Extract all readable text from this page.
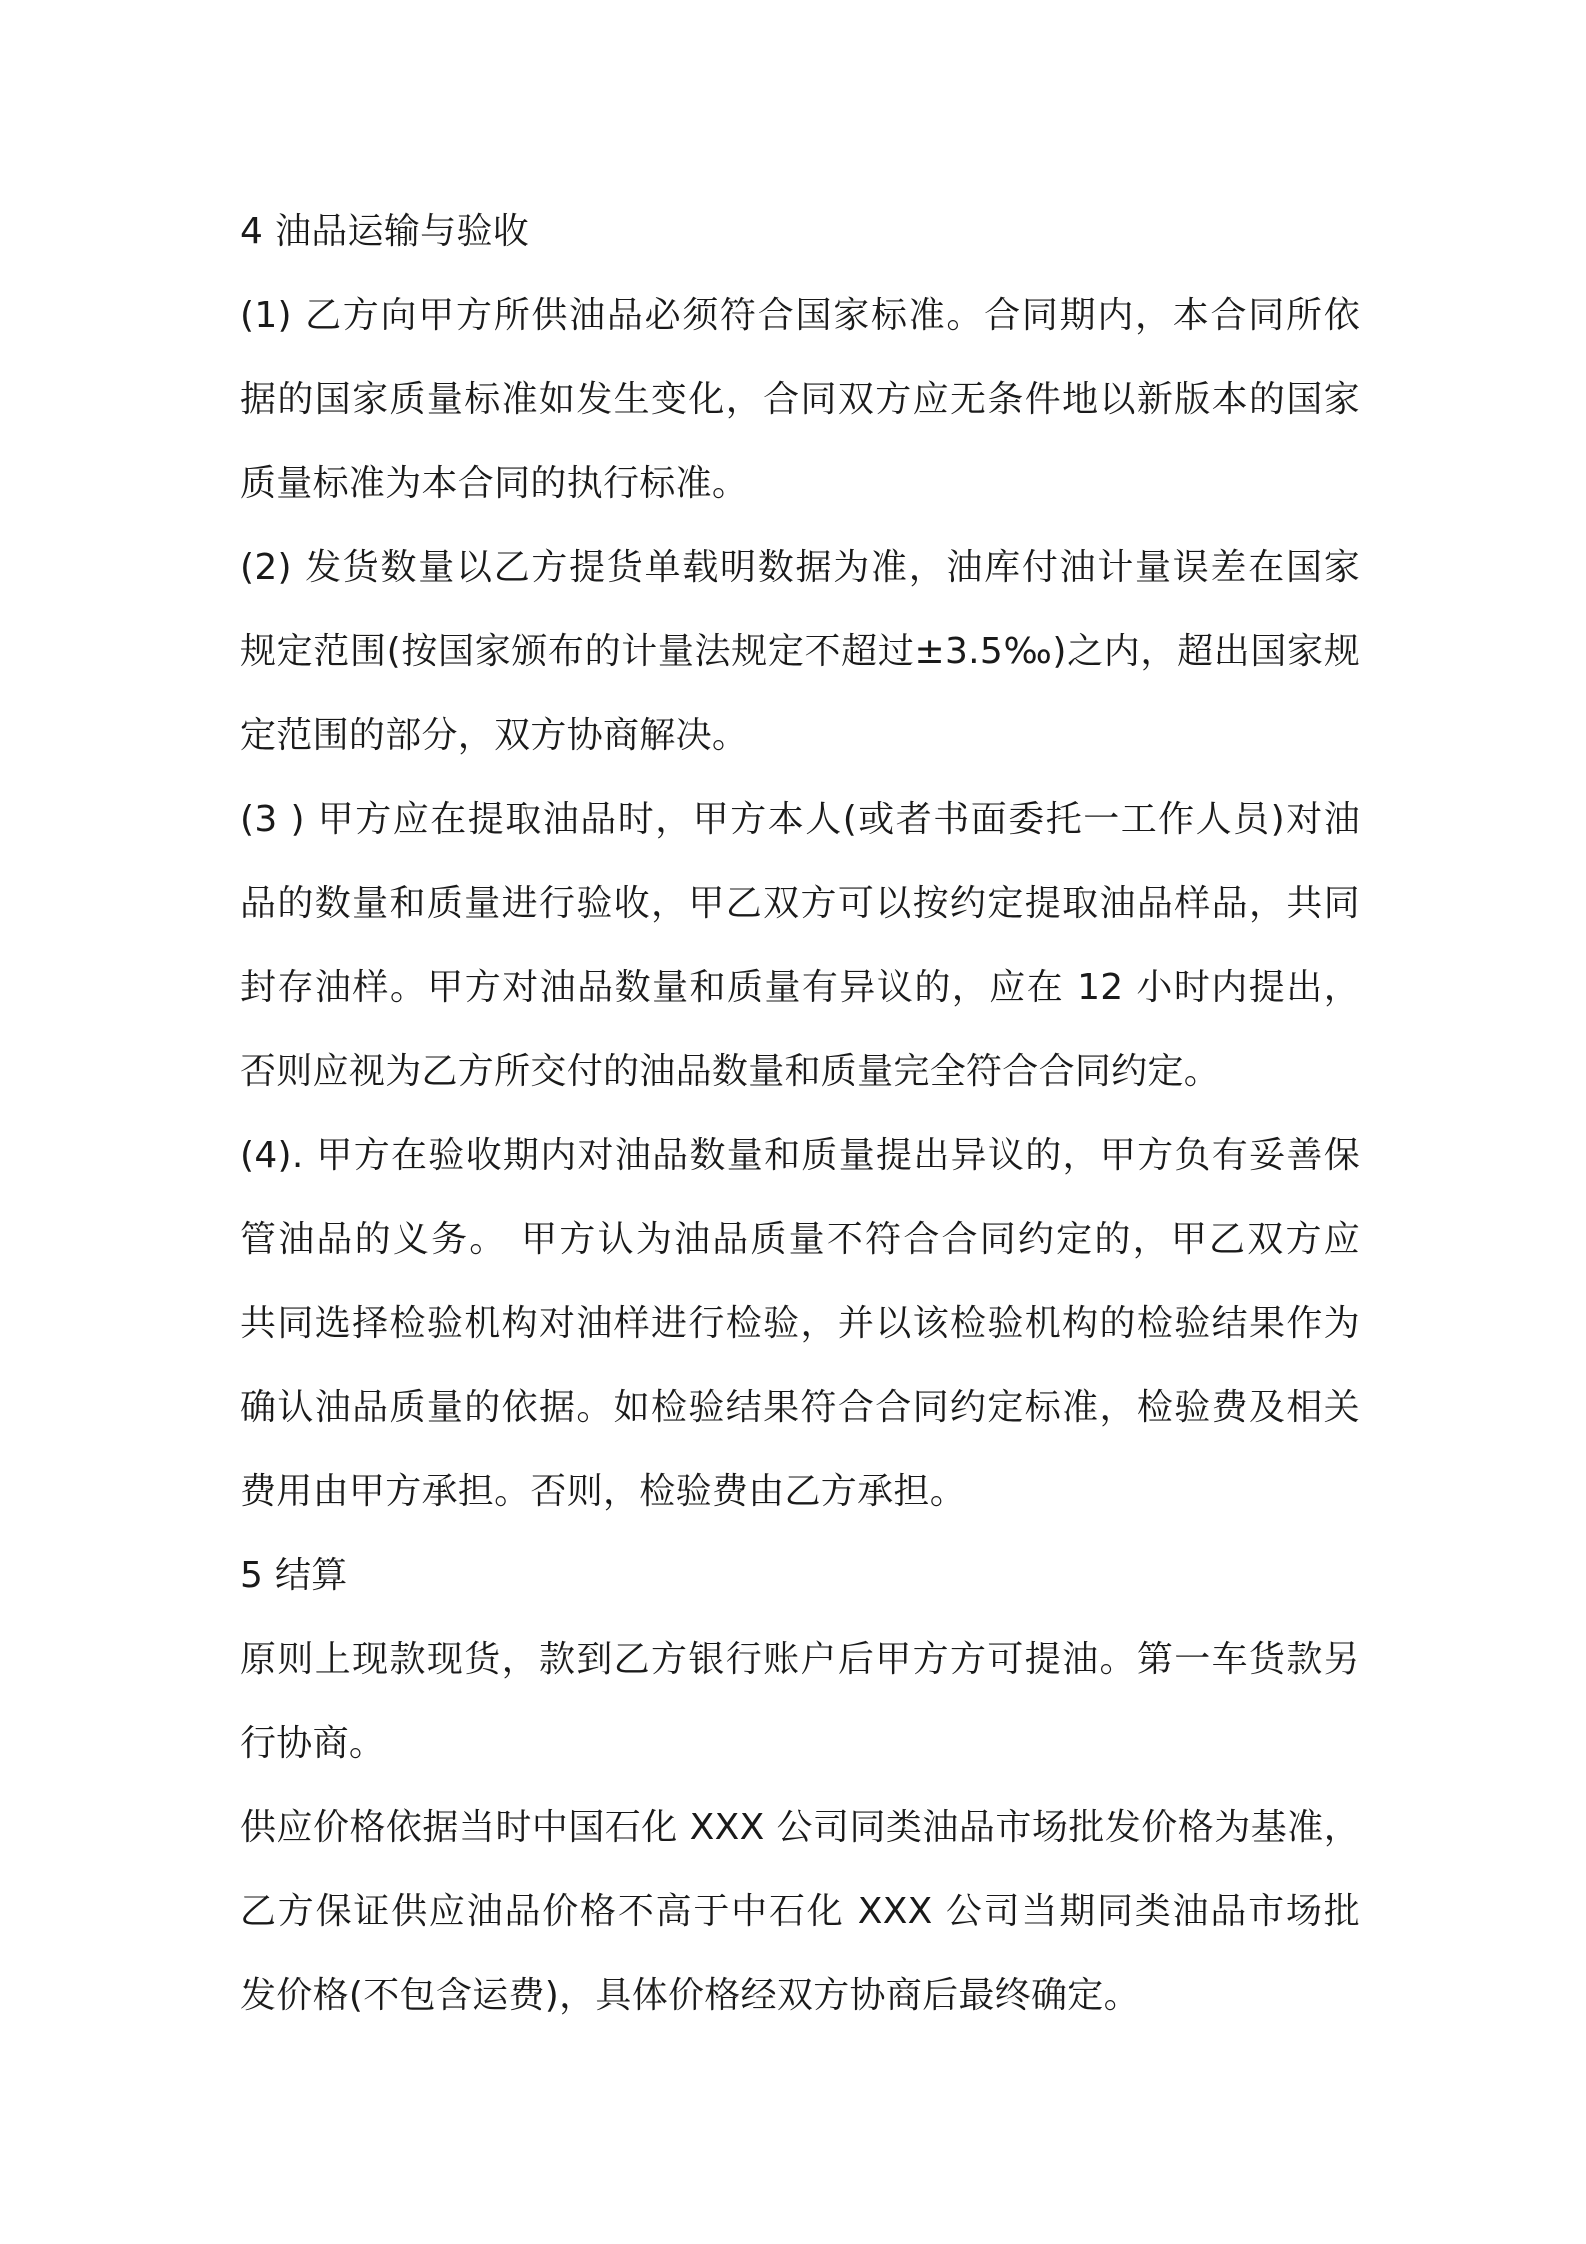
4 油品运输与验收
(1) 乙方向甲方所供油品必须符合国家标准。合同期内，本合同所依
据的国家质量标准如发生变化，合同双方应无条件地以新版本的国家
质量标准为本合同的执行标准。
(2) 发货数量以乙方提货单载明数据为准，油库付油计量误差在国家
规定范围(按国家颁布的计量法规定不超过±3.5‰)之内，超出国家规
定范围的部分，双方协商解决。
(3 ) 甲方应在提取油品时，甲方本人(或者书面委托一工作人员)对油
品的数量和质量进行验收，甲乙双方可以按约定提取油品样品，共同
封存油样。甲方对油品数量和质量有异议的，应在 12 小时内提出，
否则应视为乙方所交付的油品数量和质量完全符合合同约定。
(4). 甲方在验收期内对油品数量和质量提出异议的，甲方负有妥善保
管油品的义务。 甲方认为油品质量不符合合同约定的，甲乙双方应
共同选择检验机构对油样进行检验，并以该检验机构的检验结果作为
确认油品质量的依据。如检验结果符合合同约定标准，检验费及相关
费用由甲方承担。否则，检验费由乙方承担。
5 结算
原则上现款现货，款到乙方银行账户后甲方方可提油。第一车货款另
行协商。
供应价格依据当时中国石化 XXX 公司同类油品市场批发价格为基准，
乙方保证供应油品价格不高于中石化 XXX 公司当期同类油品市场批
发价格(不包含运费)，具体价格经双方协商后最终确定。
